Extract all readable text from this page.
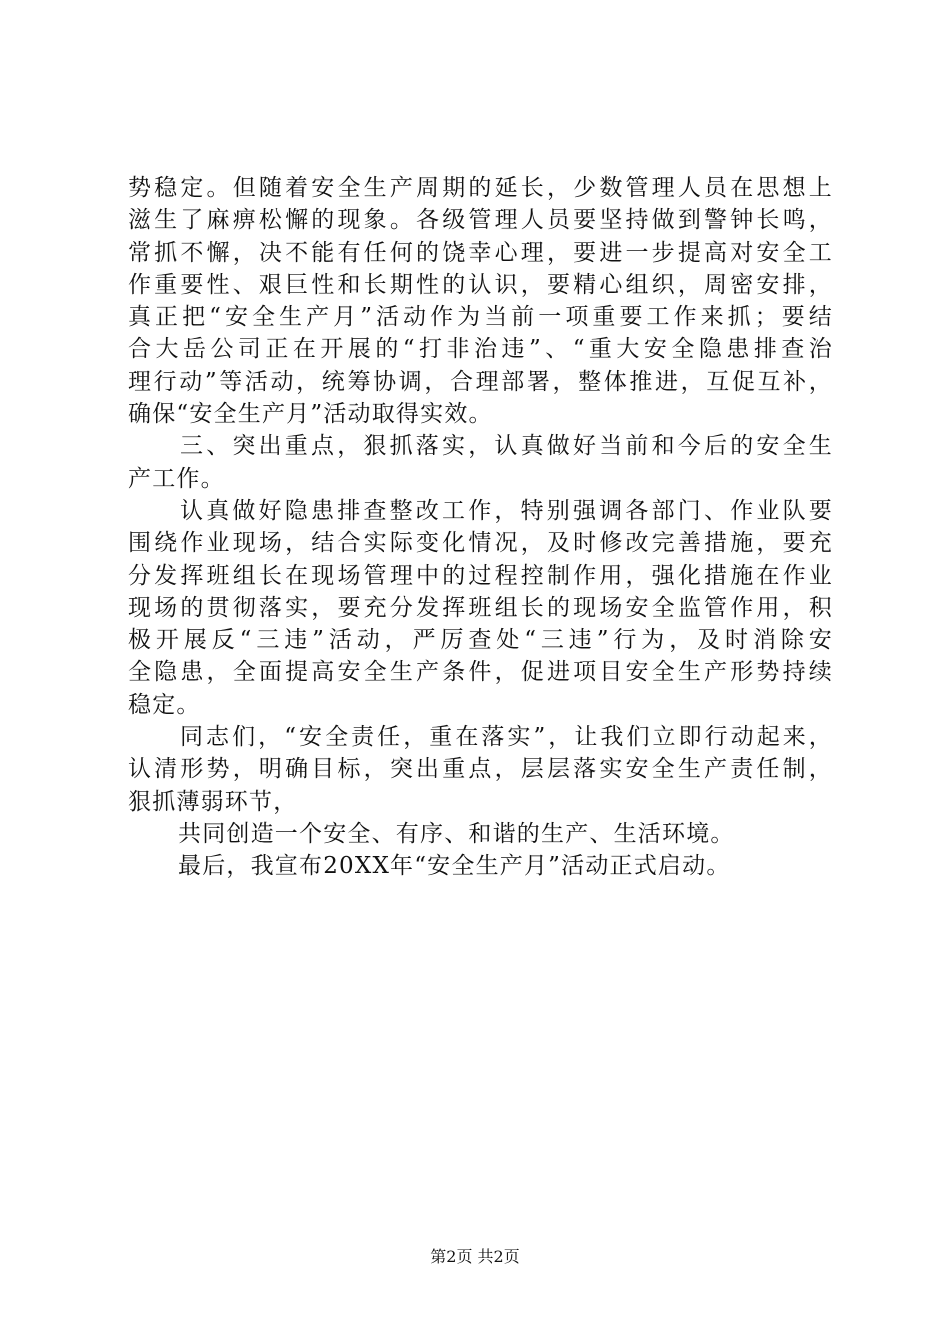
势稳定。但随着安全生产周期的延长，少数管理人员在思想上
滋生了麻痹松懈的现象。各级管理人员要坚持做到警钟长鸣，
常抓不懈，决不能有任何的饶幸心理，要进一步提高对安全工
作重要性、艰巨性和长期性的认识，要精心组织，周密安排，
真正把“安全生产月”活动作为当前一项重要工作来抓；要结
合大岳公司正在开展的“打非治违”、“重大安全隐患排查治
理行动”等活动，统筹协调，合理部署，整体推进，互促互补，
确保“安全生产月”活动取得实效。
三、突出重点，狠抓落实，认真做好当前和今后的安全生
产工作。
认真做好隐患排查整改工作，特别强调各部门、作业队要
围绕作业现场，结合实际变化情况，及时修改完善措施，要充
分发挥班组长在现场管理中的过程控制作用，强化措施在作业
现场的贯彻落实，要充分发挥班组长的现场安全监管作用，积
极开展反“三违”活动，严厉查处“三违”行为，及时消除安
全隐患，全面提高安全生产条件，促进项目安全生产形势持续
稳定。
同志们，“安全责任，重在落实”，让我们立即行动起来，
认清形势，明确目标，突出重点，层层落实安全生产责任制，
狠抓薄弱环节，
共同创造一个安全、有序、和谐的生产、生活环境。
最后，我宣布20XX年“安全生产月”活动正式启动。
第2页 共2页
